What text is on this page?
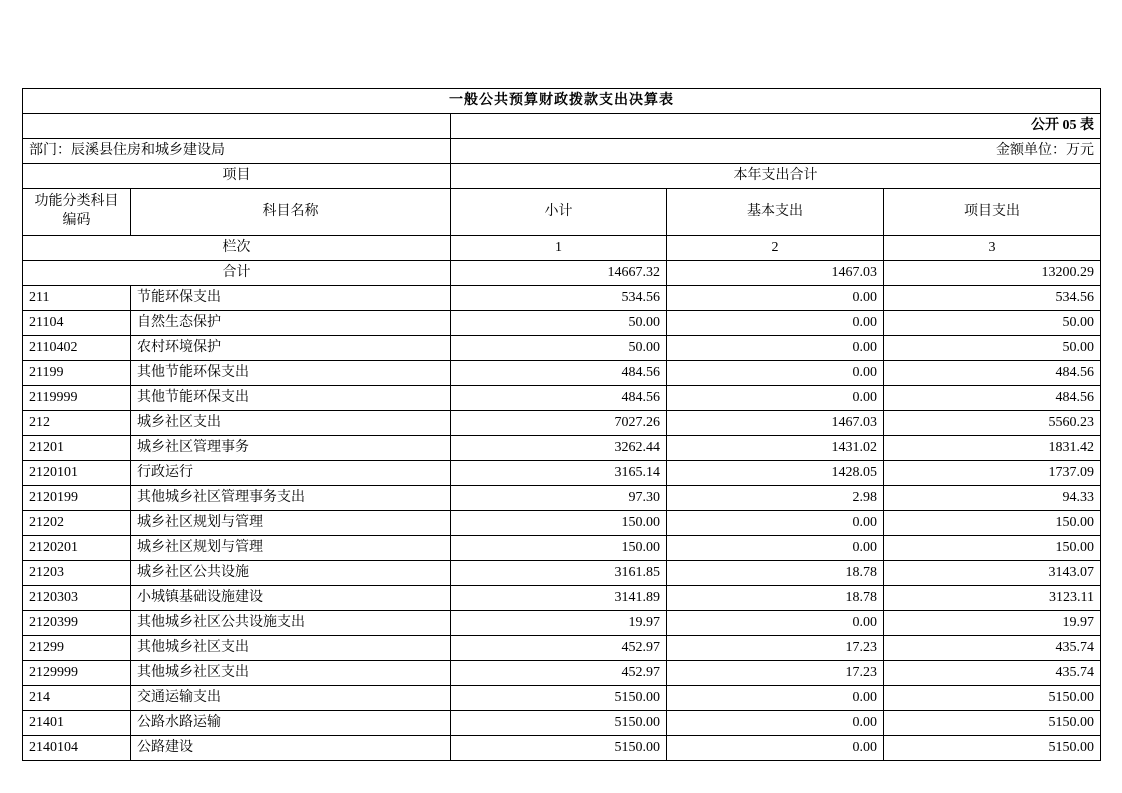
一般公共预算财政拨款支出决算表				
		公开 05 表		
部门：辰溪县住房和城乡建设局		金额单位：万元		
项目		本年支出合计		
功能分类科目编码	科目名称	小计	基本支出	项目支出
栏次		1	2	3
合计		14667.32	1467.03	13200.29
211	节能环保支出	534.56	0.00	534.56
21104	自然生态保护	50.00	0.00	50.00
2110402	农村环境保护	50.00	0.00	50.00
21199	其他节能环保支出	484.56	0.00	484.56
2119999	其他节能环保支出	484.56	0.00	484.56
212	城乡社区支出	7027.26	1467.03	5560.23
21201	城乡社区管理事务	3262.44	1431.02	1831.42
2120101	行政运行	3165.14	1428.05	1737.09
2120199	其他城乡社区管理事务支出	97.30	2.98	94.33
21202	城乡社区规划与管理	150.00	0.00	150.00
2120201	城乡社区规划与管理	150.00	0.00	150.00
21203	城乡社区公共设施	3161.85	18.78	3143.07
2120303	小城镇基础设施建设	3141.89	18.78	3123.11
2120399	其他城乡社区公共设施支出	19.97	0.00	19.97
21299	其他城乡社区支出	452.97	17.23	435.74
2129999	其他城乡社区支出	452.97	17.23	435.74
214	交通运输支出	5150.00	0.00	5150.00
21401	公路水路运输	5150.00	0.00	5150.00
2140104	公路建设	5150.00	0.00	5150.00
